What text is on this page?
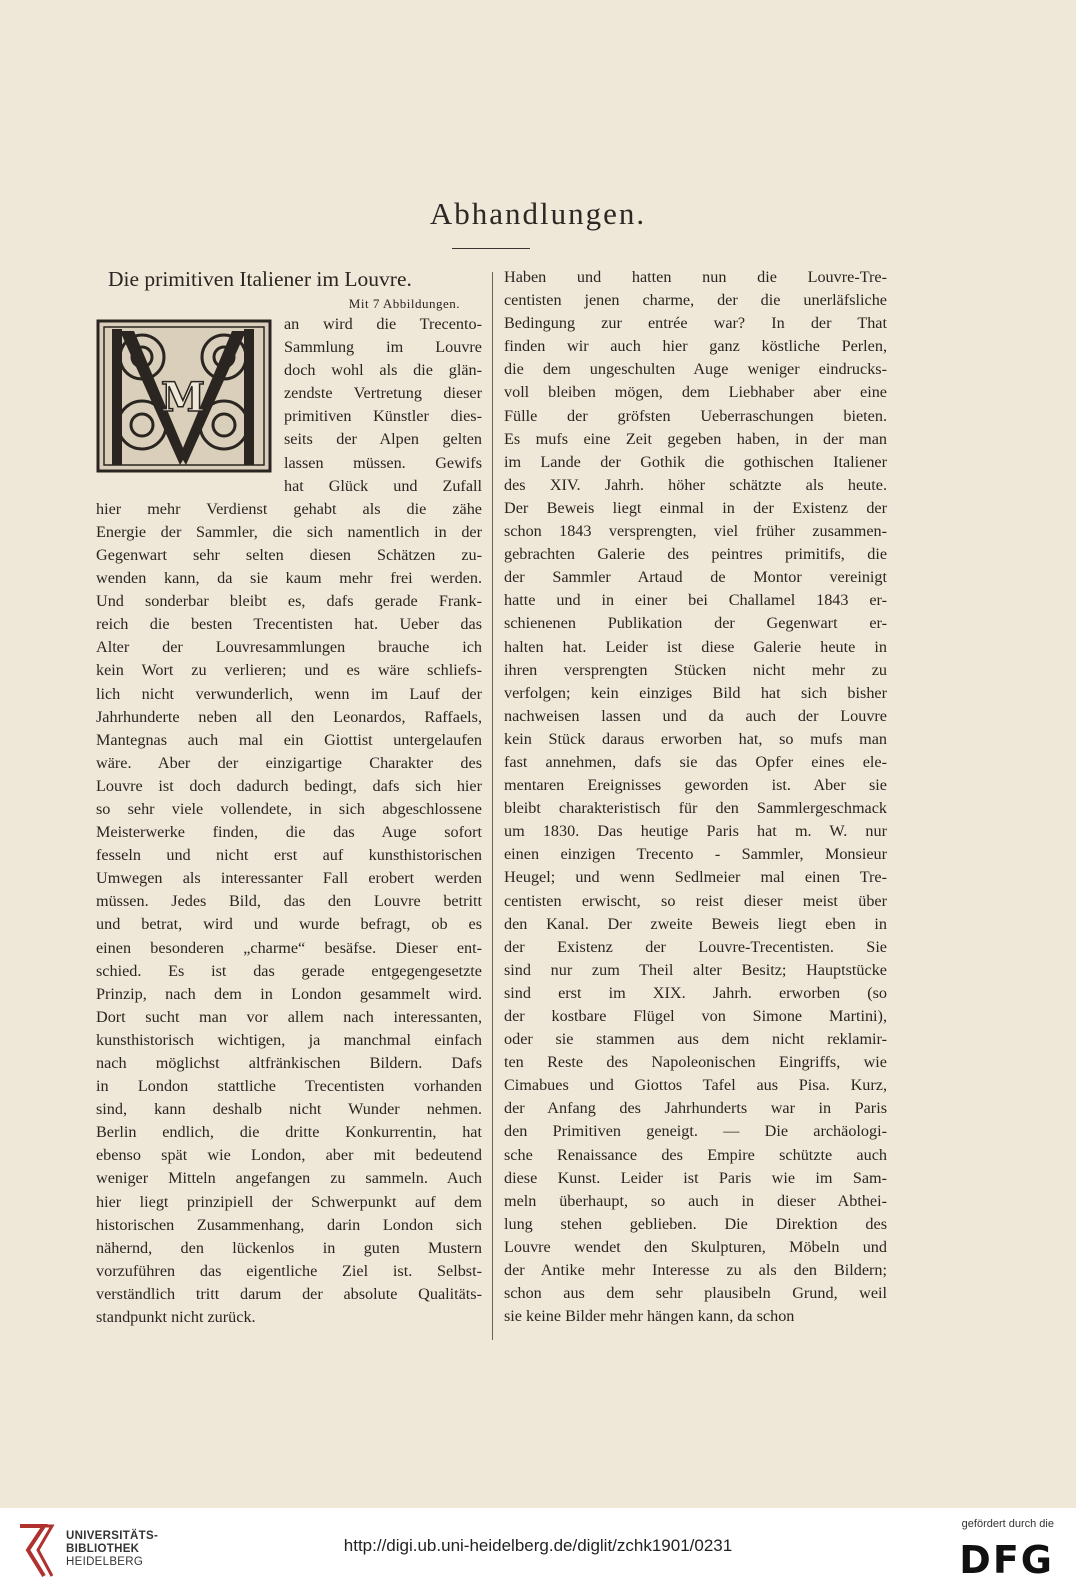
Abhandlungen.
Die primitiven Italiener im Louvre.
Mit 7 Abbildungen.
M
an wird die Trecento-
Sammlung im Louvre
doch wohl als die glän-
zendste Vertretung dieser
primitiven Künstler dies-
seits der Alpen gelten
lassen müssen. Gewifs
hat Glück und Zufall
hier mehr Verdienst gehabt als die zähe
Energie der Sammler, die sich namentlich in der
Gegenwart sehr selten diesen Schätzen zu-
wenden kann, da sie kaum mehr frei werden.
Und sonderbar bleibt es, dafs gerade Frank-
reich die besten Trecentisten hat. Ueber das
Alter der Louvresammlungen brauche ich
kein Wort zu verlieren; und es wäre schliefs-
lich nicht verwunderlich, wenn im Lauf der
Jahrhunderte neben all den Leonardos, Raffaels,
Mantegnas auch mal ein Giottist untergelaufen
wäre. Aber der einzigartige Charakter des
Louvre ist doch dadurch bedingt, dafs sich hier
so sehr viele vollendete, in sich abgeschlossene
Meisterwerke finden, die das Auge sofort
fesseln und nicht erst auf kunsthistorischen
Umwegen als interessanter Fall erobert werden
müssen. Jedes Bild, das den Louvre betritt
und betrat, wird und wurde befragt, ob es
einen besonderen „charme“ besäfse. Dieser ent-
schied. Es ist das gerade entgegengesetzte
Prinzip, nach dem in London gesammelt wird.
Dort sucht man vor allem nach interessanten,
kunsthistorisch wichtigen, ja manchmal einfach
nach möglichst altfränkischen Bildern. Dafs
in London stattliche Trecentisten vorhanden
sind, kann deshalb nicht Wunder nehmen.
Berlin endlich, die dritte Konkurrentin, hat
ebenso spät wie London, aber mit bedeutend
weniger Mitteln angefangen zu sammeln. Auch
hier liegt prinzipiell der Schwerpunkt auf dem
historischen Zusammenhang, darin London sich
nähernd, den lückenlos in guten Mustern
vorzuführen das eigentliche Ziel ist. Selbst-
verständlich tritt darum der absolute Qualitäts-
standpunkt nicht zurück.
Haben und hatten nun die Louvre-Tre-
centisten jenen charme, der die unerläfsliche
Bedingung zur entrée war? In der That
finden wir auch hier ganz köstliche Perlen,
die dem ungeschulten Auge weniger eindrucks-
voll bleiben mögen, dem Liebhaber aber eine
Fülle der gröfsten Ueberraschungen bieten.
Es mufs eine Zeit gegeben haben, in der man
im Lande der Gothik die gothischen Italiener
des XIV. Jahrh. höher schätzte als heute.
Der Beweis liegt einmal in der Existenz der
schon 1843 versprengten, viel früher zusammen-
gebrachten Galerie des peintres primitifs, die
der Sammler Artaud de Montor vereinigt
hatte und in einer bei Challamel 1843 er-
schienenen Publikation der Gegenwart er-
halten hat. Leider ist diese Galerie heute in
ihren versprengten Stücken nicht mehr zu
verfolgen; kein einziges Bild hat sich bisher
nachweisen lassen und da auch der Louvre
kein Stück daraus erworben hat, so mufs man
fast annehmen, dafs sie das Opfer eines ele-
mentaren Ereignisses geworden ist. Aber sie
bleibt charakteristisch für den Sammlergeschmack
um 1830. Das heutige Paris hat m. W. nur
einen einzigen Trecento - Sammler, Monsieur
Heugel; und wenn Sedlmeier mal einen Tre-
centisten erwischt, so reist dieser meist über
den Kanal. Der zweite Beweis liegt eben in
der Existenz der Louvre-Trecentisten. Sie
sind nur zum Theil alter Besitz; Hauptstücke
sind erst im XIX. Jahrh. erworben (so
der kostbare Flügel von Simone Martini),
oder sie stammen aus dem nicht reklamir-
ten Reste des Napoleonischen Eingriffs, wie
Cimabues und Giottos Tafel aus Pisa. Kurz,
der Anfang des Jahrhunderts war in Paris
den Primitiven geneigt. — Die archäologi-
sche Renaissance des Empire schützte auch
diese Kunst. Leider ist Paris wie im Sam-
meln überhaupt, so auch in dieser Abthei-
lung stehen geblieben. Die Direktion des
Louvre wendet den Skulpturen, Möbeln und
der Antike mehr Interesse zu als den Bildern;
schon aus dem sehr plausibeln Grund, weil
sie keine Bilder mehr hängen kann, da schon
UNIVERSITÄTS-
BIBLIOTHEK
HEIDELBERG
http://digi.ub.uni-heidelberg.de/diglit/zchk1901/0231
gefördert durch die
DFG
